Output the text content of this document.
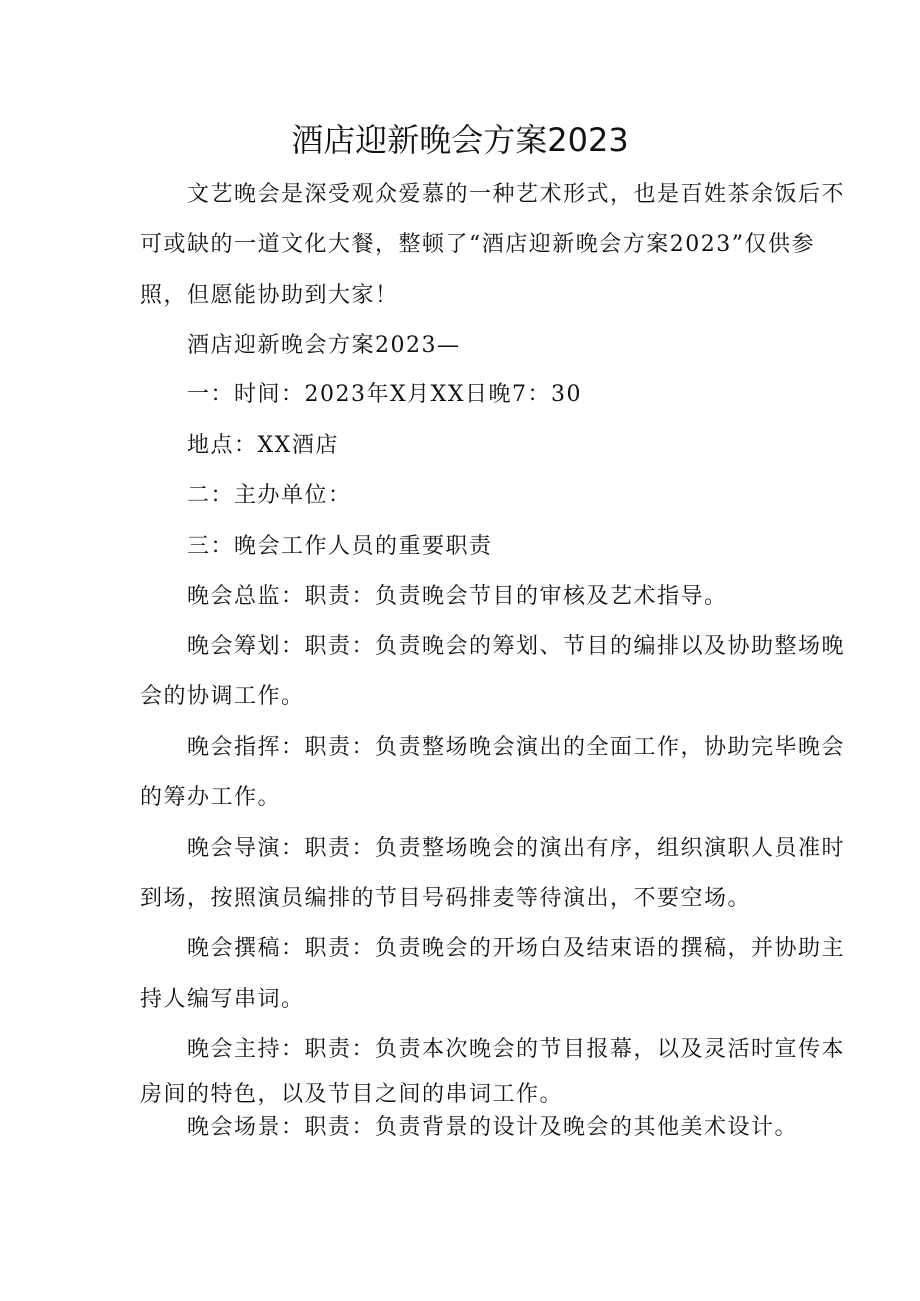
酒店迎新晚会方案2023

文艺晚会是深受观众爱慕的一种艺术形式，也是百姓茶余饭后不

可或缺的一道文化大餐，整顿了“酒店迎新晚会方案2023”仅供参

照，但愿能协助到大家！

酒店迎新晚会方案2023—

一：时间：2023年X月XX日晚7：30

地点：XX酒店

二：主办单位：

三：晚会工作人员的重要职责

晚会总监：职责：负责晚会节目的审核及艺术指导。

晚会筹划：职责：负责晚会的筹划、节目的编排以及协助整场晚

会的协调工作。

晚会指挥：职责：负责整场晚会演出的全面工作，协助完毕晚会

的筹办工作。

晚会导演：职责：负责整场晚会的演出有序，组织演职人员准时

到场，按照演员编排的节目号码排麦等待演出，不要空场。

晚会撰稿：职责：负责晚会的开场白及结束语的撰稿，并协助主

持人编写串词。

晚会主持：职责：负责本次晚会的节目报幕，以及灵活时宣传本

房间的特色，以及节目之间的串词工作。

晚会场景：职责：负责背景的设计及晚会的其他美术设计。
